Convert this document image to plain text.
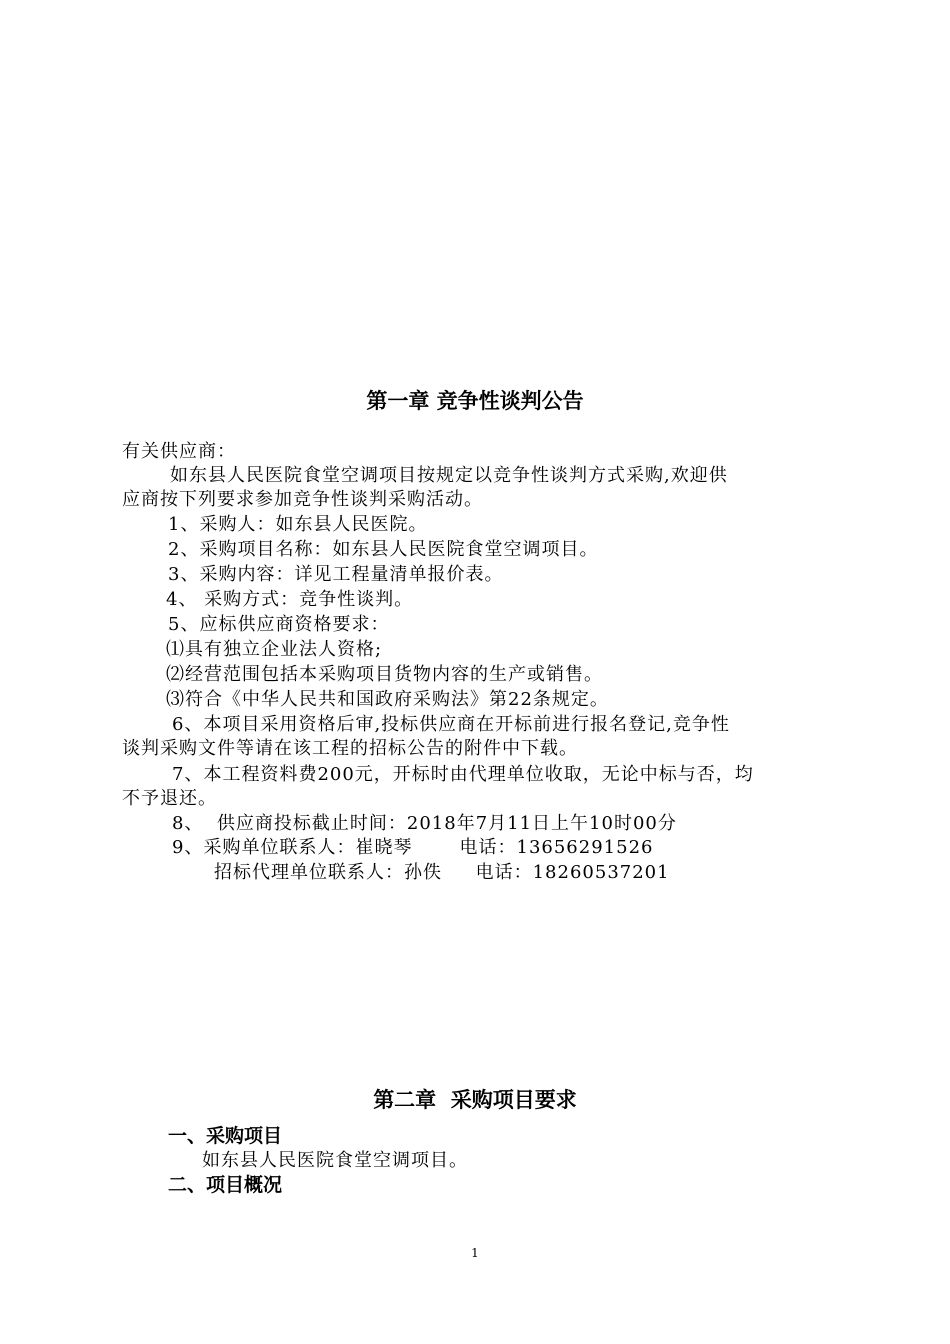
第一章 竞争性谈判公告
有关供应商：
如东县人民医院食堂空调项目按规定以竞争性谈判方式采购,欢迎供
应商按下列要求参加竞争性谈判采购活动。
1、采购人：如东县人民医院。
2、采购项目名称：如东县人民医院食堂空调项目。
3、采购内容：详见工程量清单报价表。
4、 采购方式：竞争性谈判。
5、应标供应商资格要求：
⑴具有独立企业法人资格;
⑵经营范围包括本采购项目货物内容的生产或销售。
⑶符合《中华人民共和国政府采购法》第22条规定。
6、本项目采用资格后审,投标供应商在开标前进行报名登记,竞争性
谈判采购文件等请在该工程的招标公告的附件中下载。
7、本工程资料费200元，开标时由代理单位收取，无论中标与否，均
不予退还。
8、  供应商投标截止时间：2018年7月11日上午10时00分
9、采购单位联系人：崔晓琴       电话：13656291526
招标代理单位联系人：孙佚     电话：18260537201
第二章  采购项目要求
一、采购项目
如东县人民医院食堂空调项目。
二、项目概况
1
